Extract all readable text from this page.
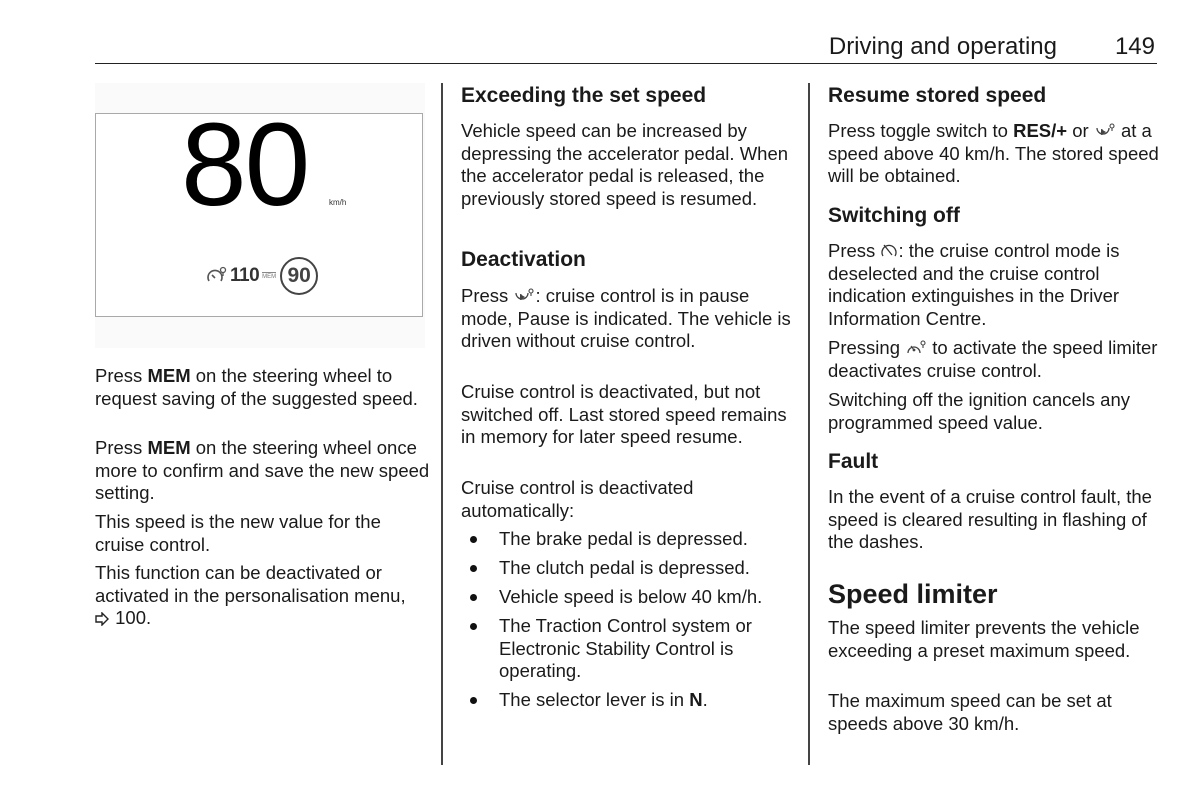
Driving and operating 149
80	km/h
110 MEM 90

Press MEM on the steering wheel to request saving of the suggested speed.

Press MEM on the steering wheel once more to confirm and save the new speed setting.

This speed is the new value for the cruise control.

This function can be deactivated or activated in the personalisation menu,  100.

Exceeding the set speed

Vehicle speed can be increased by depressing the accelerator pedal. When the accelerator pedal is released, the previously stored speed is resumed.

Deactivation

Press : cruise control is in pause mode, Pause is indicated. The vehicle is driven without cruise control.

Cruise control is deactivated, but not switched off. Last stored speed remains in memory for later speed resume.

Cruise control is deactivated automatically:

The brake pedal is depressed.
The clutch pedal is depressed.
Vehicle speed is below 40 km/h.
The Traction Control system or Electronic Stability Control is operating.
The selector lever is in N.
Resume stored speed

Press toggle switch to RES/+ or  at a speed above 40 km/h. The stored speed will be obtained.

Switching off

Press : the cruise control mode is deselected and the cruise control indication extinguishes in the Driver Information Centre.

Pressing  to activate the speed limiter deactivates cruise control.

Switching off the ignition cancels any programmed speed value.

Fault

In the event of a cruise control fault, the speed is cleared resulting in flashing of the dashes.

Speed limiter

The speed limiter prevents the vehicle exceeding a preset maximum speed.

The maximum speed can be set at speeds above 30 km/h.
